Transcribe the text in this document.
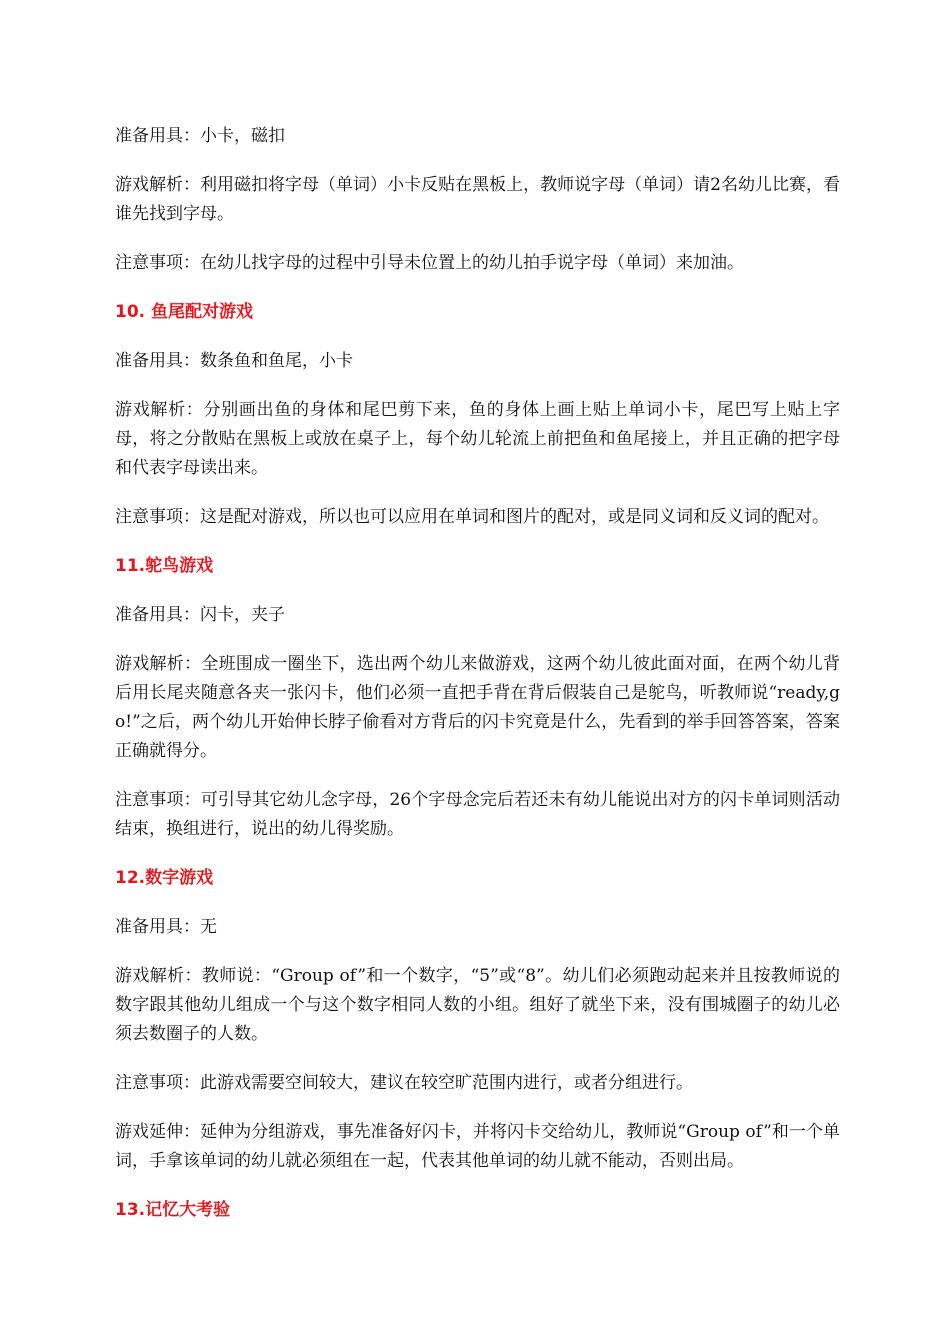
准备用具：小卡，磁扣

游戏解析：利用磁扣将字母（单词）小卡反贴在黑板上，教师说字母（单词）请2名幼儿比赛，看谁先找到字母。

注意事项：在幼儿找字母的过程中引导未位置上的幼儿拍手说字母（单词）来加油。

10. 鱼尾配对游戏

准备用具：数条鱼和鱼尾，小卡

游戏解析：分别画出鱼的身体和尾巴剪下来，鱼的身体上画上贴上单词小卡，尾巴写上贴上字母，将之分散贴在黑板上或放在桌子上，每个幼儿轮流上前把鱼和鱼尾接上，并且正确的把字母和代表字母读出来。

注意事项：这是配对游戏，所以也可以应用在单词和图片的配对，或是同义词和反义词的配对。

11.鸵鸟游戏

准备用具：闪卡，夹子

游戏解析：全班围成一圈坐下，选出两个幼儿来做游戏，这两个幼儿彼此面对面，在两个幼儿背后用长尾夹随意各夹一张闪卡，他们必须一直把手背在背后假装自己是鸵鸟，听教师说“ready,go!”之后，两个幼儿开始伸长脖子偷看对方背后的闪卡究竟是什么，先看到的举手回答答案，答案正确就得分。

注意事项：可引导其它幼儿念字母，26个字母念完后若还未有幼儿能说出对方的闪卡单词则活动结束，换组进行，说出的幼儿得奖励。

12.数字游戏

准备用具：无

游戏解析：教师说：“Group of”和一个数字，“5”或“8”。幼儿们必须跑动起来并且按教师说的数字跟其他幼儿组成一个与这个数字相同人数的小组。组好了就坐下来，没有围城圈子的幼儿必须去数圈子的人数。

注意事项：此游戏需要空间较大，建议在较空旷范围内进行，或者分组进行。

游戏延伸：延伸为分组游戏，事先准备好闪卡，并将闪卡交给幼儿，教师说“Group of”和一个单词，手拿该单词的幼儿就必须组在一起，代表其他单词的幼儿就不能动，否则出局。

13.记忆大考验
